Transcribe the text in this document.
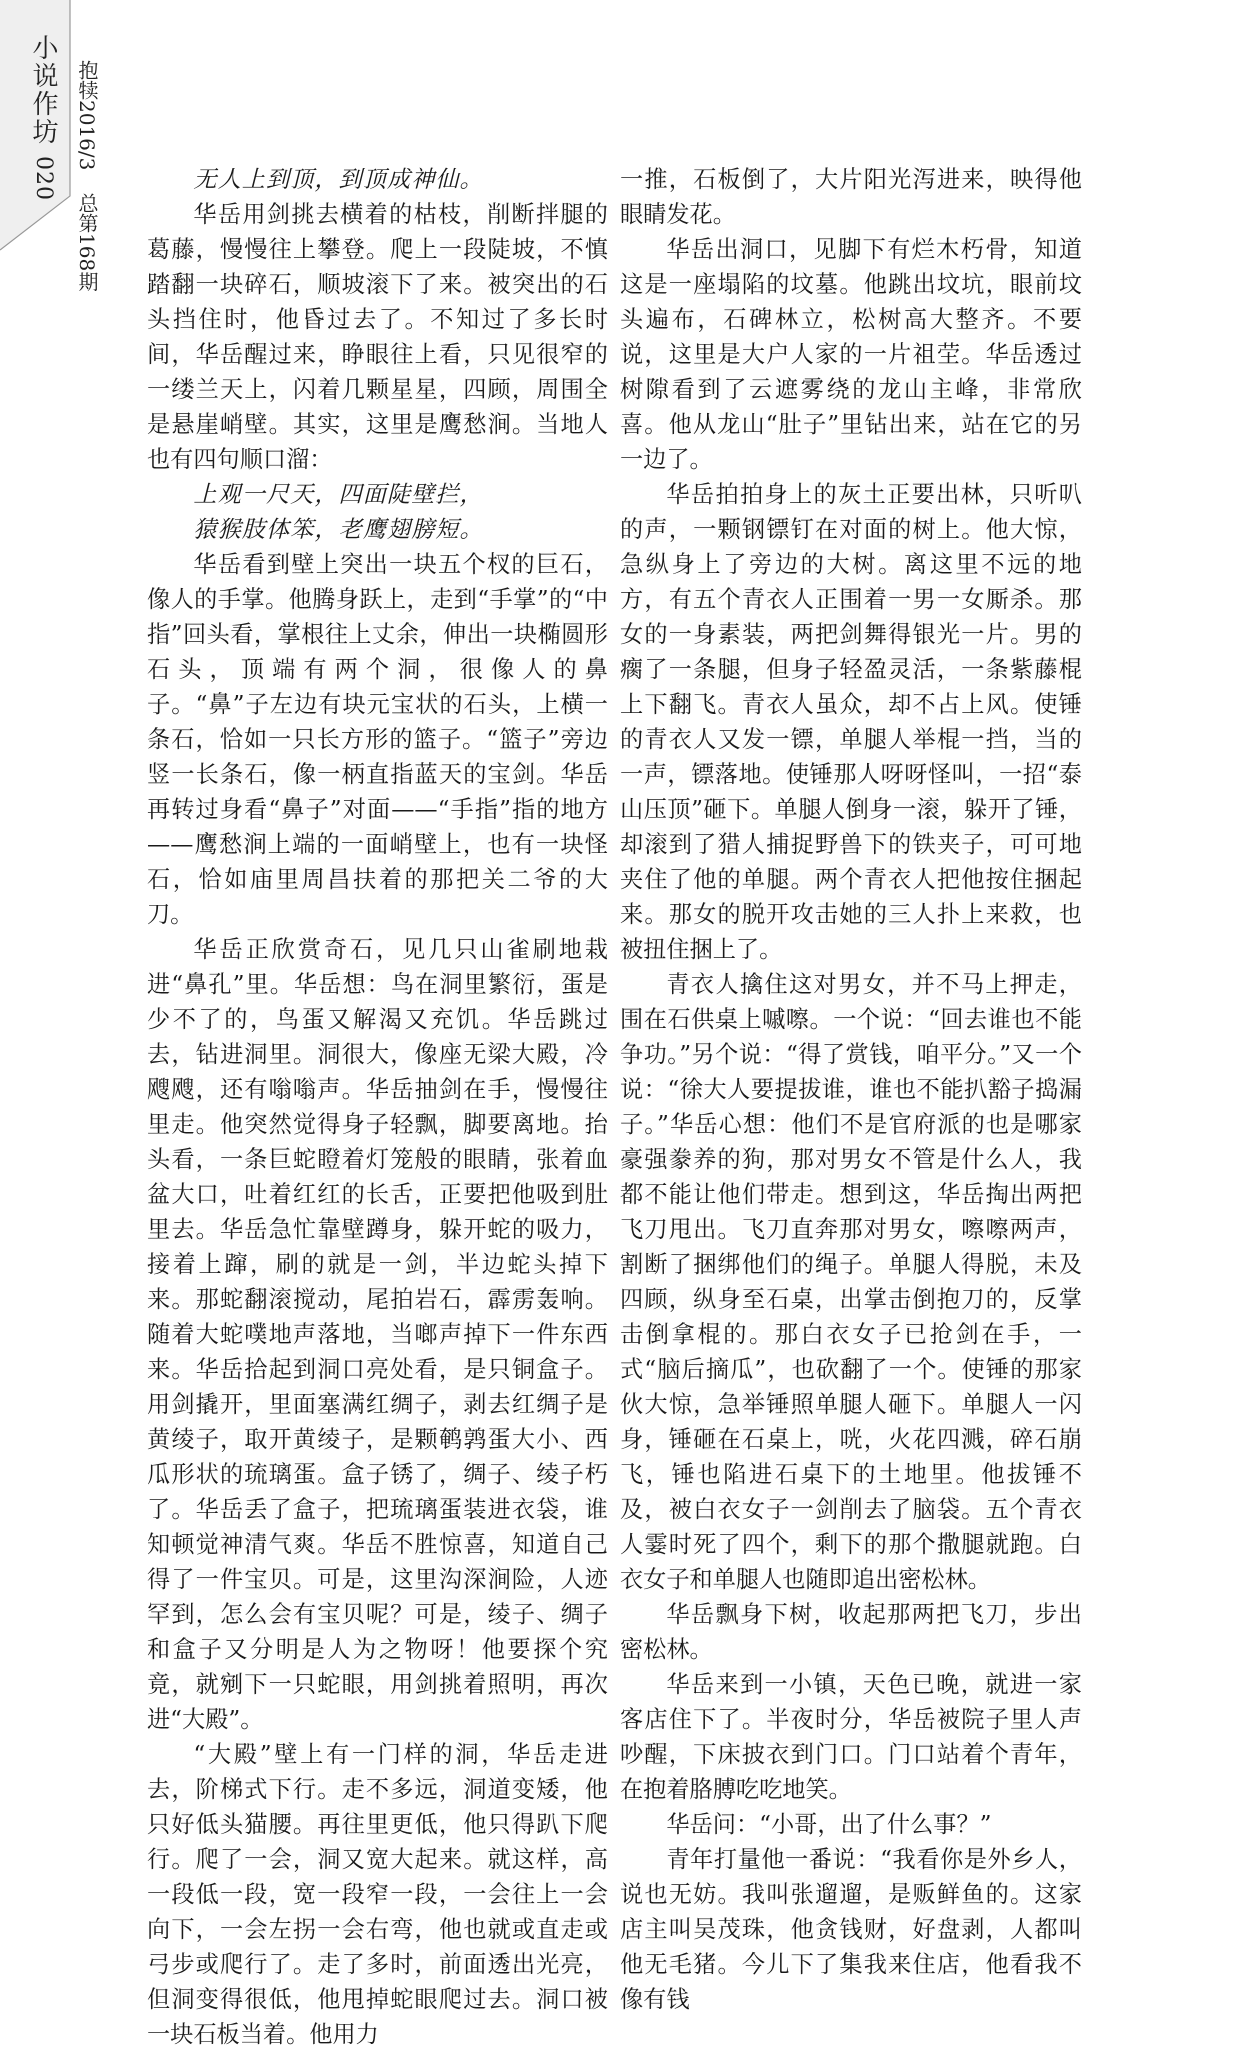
小说作坊
020
抱犊2016/3 总第168期

无人上到顶，到顶成神仙。

华岳用剑挑去横着的枯枝，削断拌腿的葛藤，慢慢往上攀登。爬上一段陡坡，不慎踏翻一块碎石，顺坡滚下了来。被突出的石头挡住时，他昏过去了。不知过了多长时间，华岳醒过来，睁眼往上看，只见很窄的一缕兰天上，闪着几颗星星，四顾，周围全是悬崖峭壁。其实，这里是鹰愁涧。当地人也有四句顺口溜：

上观一尺天，四面陡壁拦，

猿猴肢体笨，老鹰翅膀短。

华岳看到壁上突出一块五个杈的巨石，像人的手掌。他腾身跃上，走到“手掌”的“中指”回头看，掌根往上丈余，伸出一块椭圆形石头，顶端有两个洞，很像人的鼻子。“鼻”子左边有块元宝状的石头，上横一条石，恰如一只长方形的篮子。“篮子”旁边竖一长条石，像一柄直指蓝天的宝剑。华岳再转过身看“鼻子”对面——“手指”指的地方——鹰愁涧上端的一面峭壁上，也有一块怪石，恰如庙里周昌扶着的那把关二爷的大刀。

华岳正欣赏奇石，见几只山雀刷地栽进“鼻孔”里。华岳想：鸟在洞里繁衍，蛋是少不了的，鸟蛋又解渴又充饥。华岳跳过去，钻进洞里。洞很大，像座无梁大殿，冷飕飕，还有嗡嗡声。华岳抽剑在手，慢慢往里走。他突然觉得身子轻飘，脚要离地。抬头看，一条巨蛇瞪着灯笼般的眼睛，张着血盆大口，吐着红红的长舌，正要把他吸到肚里去。华岳急忙靠壁蹲身，躲开蛇的吸力，接着上蹿，刷的就是一剑，半边蛇头掉下来。那蛇翻滚搅动，尾拍岩石，霹雳轰响。随着大蛇噗地声落地，当啷声掉下一件东西来。华岳拾起到洞口亮处看，是只铜盒子。用剑撬开，里面塞满红绸子，剥去红绸子是黄绫子，取开黄绫子，是颗鹌鹑蛋大小、西瓜形状的琉璃蛋。盒子锈了，绸子、绫子朽了。华岳丢了盒子，把琉璃蛋装进衣袋，谁知顿觉神清气爽。华岳不胜惊喜，知道自己得了一件宝贝。可是，这里沟深涧险，人迹罕到，怎么会有宝贝呢？可是，绫子、绸子和盒子又分明是人为之物呀！他要探个究竟，就剜下一只蛇眼，用剑挑着照明，再次进“大殿”。

“大殿”壁上有一门样的洞，华岳走进去，阶梯式下行。走不多远，洞道变矮，他只好低头猫腰。再往里更低，他只得趴下爬行。爬了一会，洞又宽大起来。就这样，高一段低一段，宽一段窄一段，一会往上一会向下，一会左拐一会右弯，他也就或直走或弓步或爬行了。走了多时，前面透出光亮，但洞变得很低，他甩掉蛇眼爬过去。洞口被一块石板当着。他用力

一推，石板倒了，大片阳光泻进来，映得他眼睛发花。

华岳出洞口，见脚下有烂木朽骨，知道这是一座塌陷的坟墓。他跳出坟坑，眼前坟头遍布，石碑林立，松树高大整齐。不要说，这里是大户人家的一片祖茔。华岳透过树隙看到了云遮雾绕的龙山主峰，非常欣喜。他从龙山“肚子”里钻出来，站在它的另一边了。

华岳拍拍身上的灰土正要出林，只听叭的声，一颗钢镖钉在对面的树上。他大惊，急纵身上了旁边的大树。离这里不远的地方，有五个青衣人正围着一男一女厮杀。那女的一身素装，两把剑舞得银光一片。男的瘸了一条腿，但身子轻盈灵活，一条紫藤棍上下翻飞。青衣人虽众，却不占上风。使锤的青衣人又发一镖，单腿人举棍一挡，当的一声，镖落地。使锤那人呀呀怪叫，一招“泰山压顶”砸下。单腿人倒身一滚，躲开了锤，却滚到了猎人捕捉野兽下的铁夹子，可可地夹住了他的单腿。两个青衣人把他按住捆起来。那女的脱开攻击她的三人扑上来救，也被扭住捆上了。

青衣人擒住这对男女，并不马上押走，围在石供桌上嘁嚓。一个说：“回去谁也不能争功。”另个说：“得了赏钱，咱平分。”又一个说：“徐大人要提拔谁，谁也不能扒豁子捣漏子。”华岳心想：他们不是官府派的也是哪家豪强豢养的狗，那对男女不管是什么人，我都不能让他们带走。想到这，华岳掏出两把飞刀甩出。飞刀直奔那对男女，嚓嚓两声，割断了捆绑他们的绳子。单腿人得脱，未及四顾，纵身至石桌，出掌击倒抱刀的，反掌击倒拿棍的。那白衣女子已抢剑在手，一式“脑后摘瓜”，也砍翻了一个。使锤的那家伙大惊，急举锤照单腿人砸下。单腿人一闪身，锤砸在石桌上，咣，火花四溅，碎石崩飞，锤也陷进石桌下的土地里。他拔锤不及，被白衣女子一剑削去了脑袋。五个青衣人霎时死了四个，剩下的那个撒腿就跑。白衣女子和单腿人也随即追出密松林。

华岳飘身下树，收起那两把飞刀，步出密松林。

华岳来到一小镇，天色已晚，就进一家客店住下了。半夜时分，华岳被院子里人声吵醒，下床披衣到门口。门口站着个青年，在抱着胳膊吃吃地笑。

华岳问：“小哥，出了什么事？”

青年打量他一番说：“我看你是外乡人，说也无妨。我叫张遛遛，是贩鲜鱼的。这家店主叫吴茂珠，他贪钱财，好盘剥，人都叫他无毛猪。今儿下了集我来住店，他看我不像有钱
